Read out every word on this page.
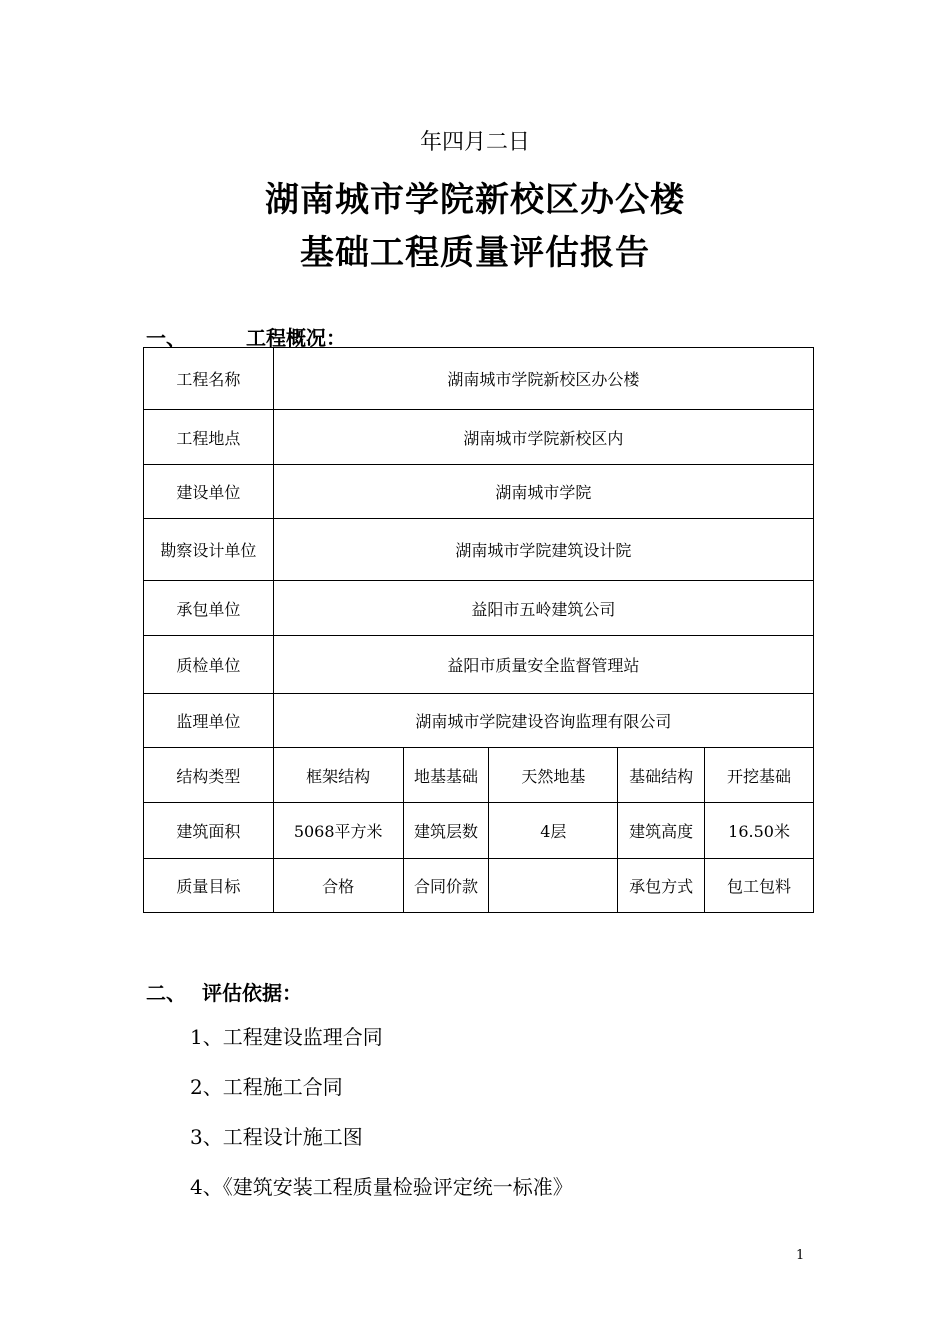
年四月二日
湖南城市学院新校区办公楼
基础工程质量评估报告
一、	工程概况：
工程名称	湖南城市学院新校区办公楼				
工程地点	湖南城市学院新校区内				
建设单位	湖南城市学院				
勘察设计单位	湖南城市学院建筑设计院				
承包单位	益阳市五岭建筑公司				
质检单位	益阳市质量安全监督管理站				
监理单位	湖南城市学院建设咨询监理有限公司				
结构类型	框架结构	地基基础	天然地基	基础结构	开挖基础
建筑面积	5068平方米	建筑层数	4层	建筑高度	16.50米
质量目标	合格	合同价款		承包方式	包工包料
二、 评估依据：
1、工程建设监理合同
2、工程施工合同
3、工程设计施工图
4、《建筑安装工程质量检验评定统一标准》
1
